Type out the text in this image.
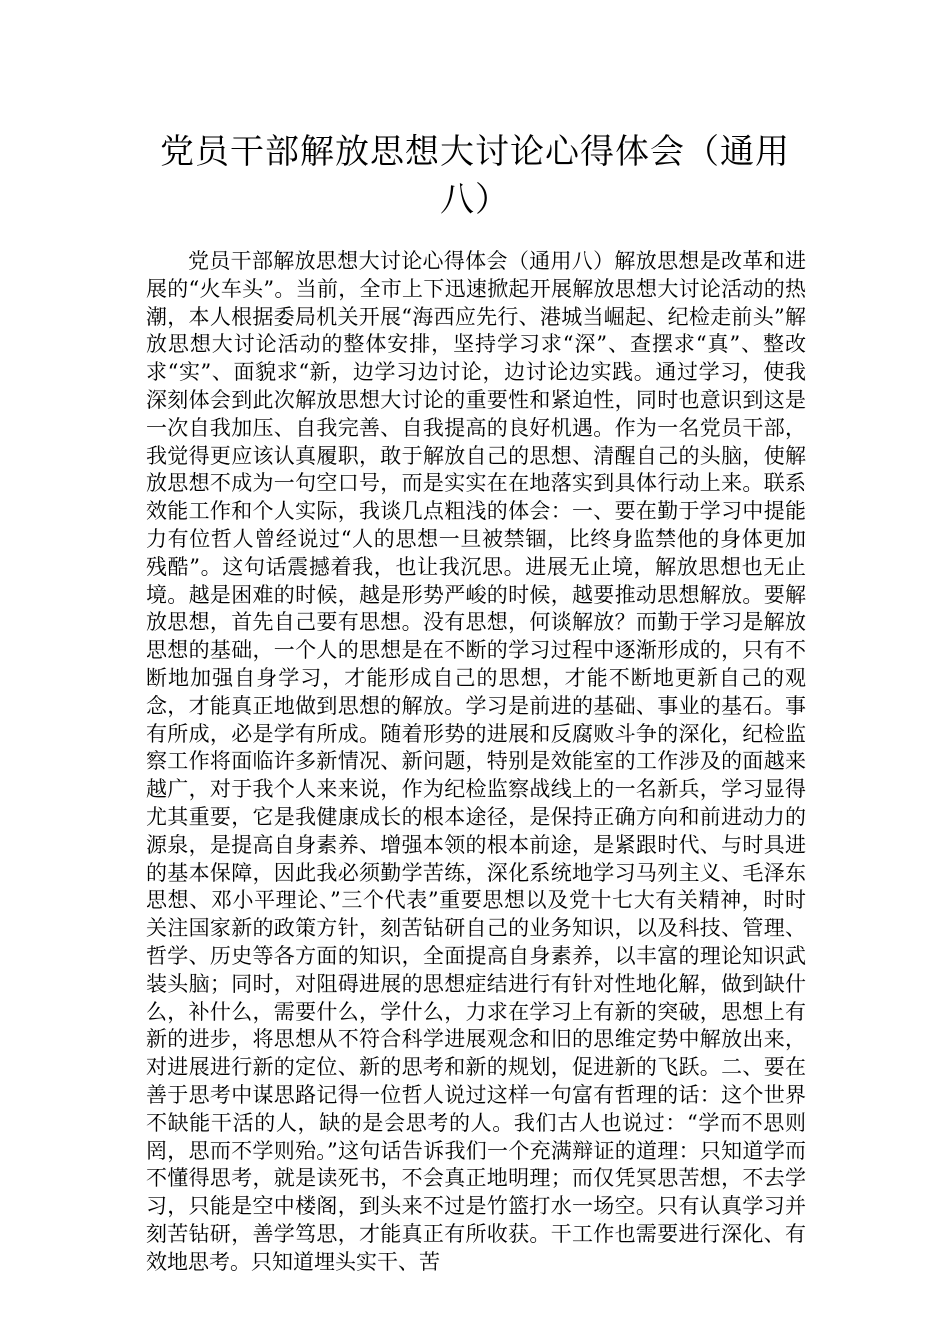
党员干部解放思想大讨论心得体会（通用八）

党员干部解放思想大讨论心得体会（通用八）解放思想是改革和进展的“火车头”。当前，全市上下迅速掀起开展解放思想大讨论活动的热潮，本人根据委局机关开展“海西应先行、港城当崛起、纪检走前头”解放思想大讨论活动的整体安排，坚持学习求“深”、查摆求“真”、整改求“实”、面貌求“新，边学习边讨论，边讨论边实践。通过学习，使我深刻体会到此次解放思想大讨论的重要性和紧迫性，同时也意识到这是一次自我加压、自我完善、自我提高的良好机遇。作为一名党员干部，我觉得更应该认真履职，敢于解放自己的思想、清醒自己的头脑，使解放思想不成为一句空口号，而是实实在在地落实到具体行动上来。联系效能工作和个人实际，我谈几点粗浅的体会：一、要在勤于学习中提能力有位哲人曾经说过“人的思想一旦被禁锢，比终身监禁他的身体更加残酷”。这句话震撼着我，也让我沉思。进展无止境，解放思想也无止境。越是困难的时候，越是形势严峻的时候，越要推动思想解放。要解放思想，首先自己要有思想。没有思想，何谈解放？而勤于学习是解放思想的基础，一个人的思想是在不断的学习过程中逐渐形成的，只有不断地加强自身学习，才能形成自己的思想，才能不断地更新自己的观念，才能真正地做到思想的解放。学习是前进的基础、事业的基石。事有所成，必是学有所成。随着形势的进展和反腐败斗争的深化，纪检监察工作将面临许多新情况、新问题，特别是效能室的工作涉及的面越来越广，对于我个人来来说，作为纪检监察战线上的一名新兵，学习显得尤其重要，它是我健康成长的根本途径，是保持正确方向和前进动力的源泉，是提高自身素养、增强本领的根本前途，是紧跟时代、与时具进的基本保障，因此我必须勤学苦练，深化系统地学习马列主义、毛泽东思想、邓小平理论、”三个代表”重要思想以及党十七大有关精神，时时关注国家新的政策方针，刻苦钻研自己的业务知识，以及科技、管理、哲学、历史等各方面的知识，全面提高自身素养，以丰富的理论知识武装头脑；同时，对阻碍进展的思想症结进行有针对性地化解，做到缺什么，补什么，需要什么，学什么，力求在学习上有新的突破，思想上有新的进步，将思想从不符合科学进展观念和旧的思维定势中解放出来，对进展进行新的定位、新的思考和新的规划，促进新的飞跃。二、要在善于思考中谋思路记得一位哲人说过这样一句富有哲理的话：这个世界不缺能干活的人，缺的是会思考的人。我们古人也说过：“学而不思则罔，思而不学则殆。”这句话告诉我们一个充满辩证的道理：只知道学而不懂得思考，就是读死书，不会真正地明理；而仅凭冥思苦想，不去学习，只能是空中楼阁，到头来不过是竹篮打水一场空。只有认真学习并刻苦钻研，善学笃思，才能真正有所收获。干工作也需要进行深化、有效地思考。只知道埋头实干、苦
